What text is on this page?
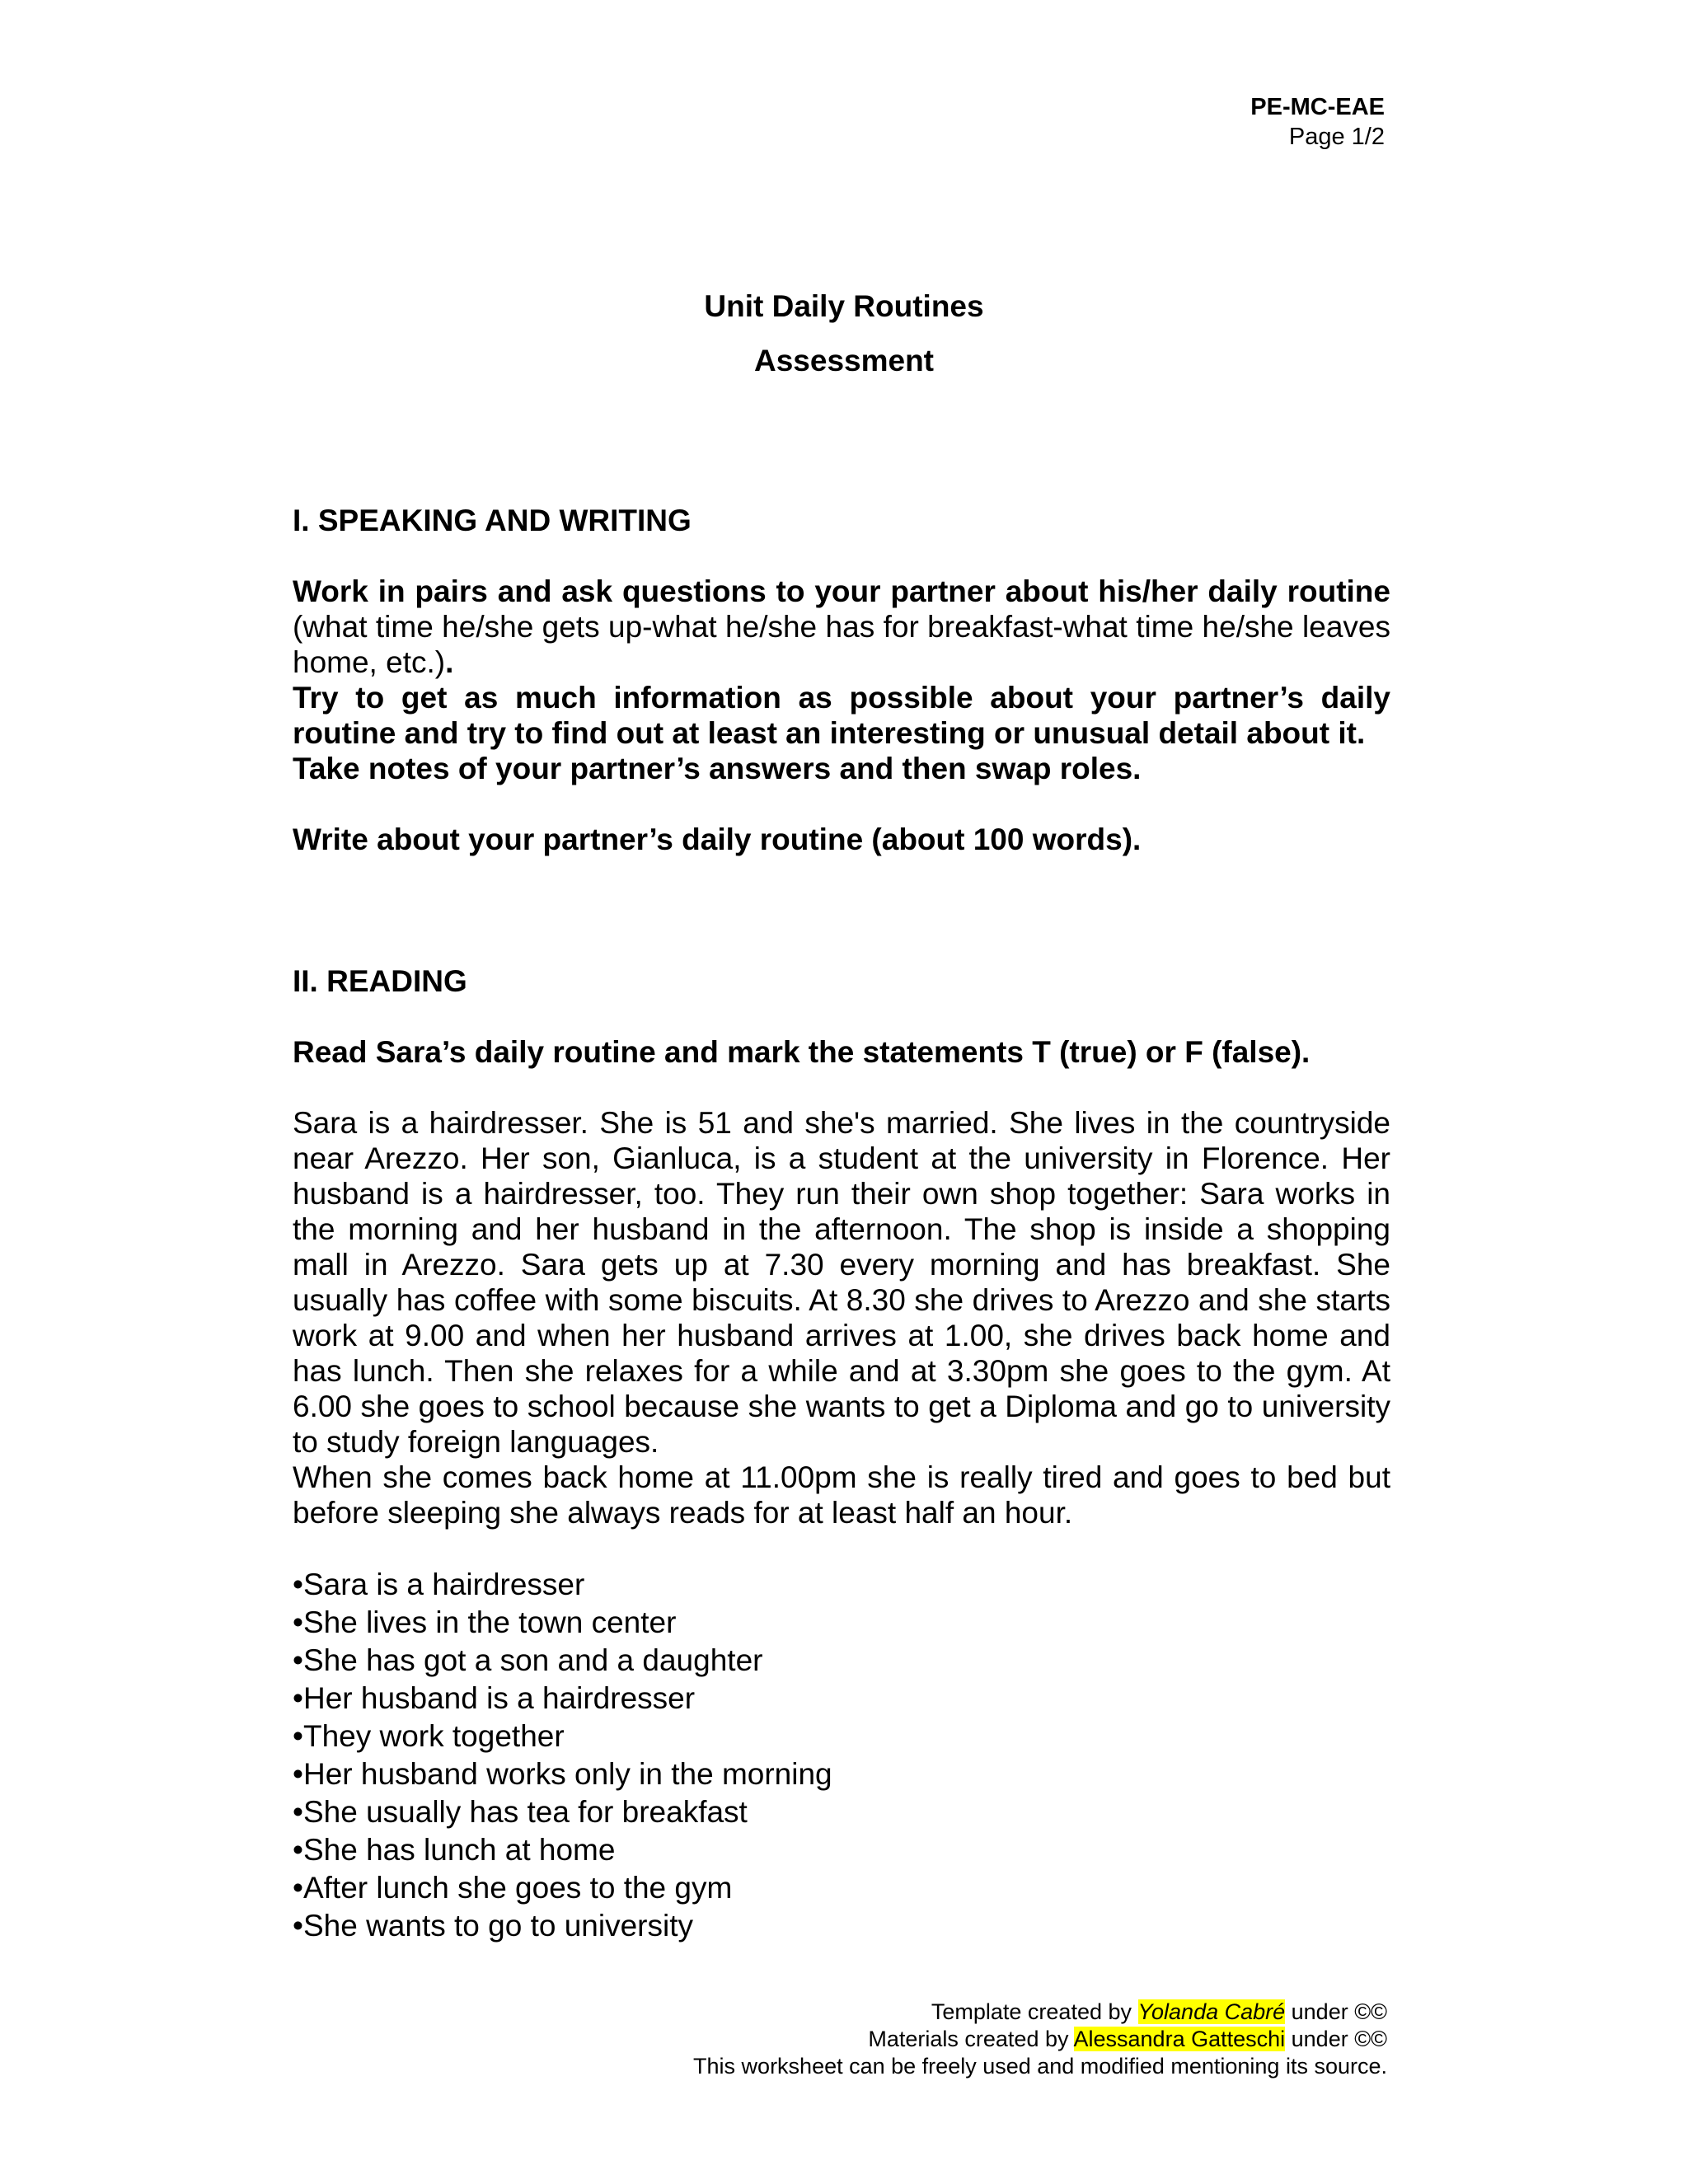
PE-MC-EAE
Page 1/2
Unit Daily Routines
Assessment

I. SPEAKING AND WRITING

Work in pairs and ask questions to your partner about his/her daily routine (what time he/she gets up-what he/she has for breakfast-what time he/she leaves home, etc.).

Try to get as much information as possible about your partner’s daily routine and try to find out at least an interesting or unusual detail about it.

Take notes of your partner’s answers and then swap roles.

Write about your partner’s daily routine (about 100 words).

II. READING

Read Sara’s daily routine and mark the statements T (true) or F (false).

Sara is a hairdresser. She is 51 and she's married. She lives in the countryside near Arezzo. Her son, Gianluca, is a student at the university in Florence. Her husband is a hairdresser, too. They run their own shop together: Sara works in the morning and her husband in the afternoon. The shop is inside a shopping mall in Arezzo. Sara gets up at 7.30 every morning and has breakfast. She usually has coffee with some biscuits. At 8.30 she drives to Arezzo and she starts work at 9.00 and when her husband arrives at 1.00, she drives back home and has lunch. Then she relaxes for a while and at 3.30pm she goes to the gym. At 6.00 she goes to school because she wants to get a Diploma and go to university to study foreign languages.

When she comes back home at 11.00pm she is really tired and goes to bed but before sleeping she always reads for at least half an hour.

•Sara is a hairdresser
•She lives in the town center
•She has got a son and a daughter
•Her husband is a hairdresser
•They work together
•Her husband works only in the morning
•She usually has tea for breakfast
•She has lunch at home
•After lunch she goes to the gym
•She wants to go to university
Template created by Yolanda Cabré under ©©
Materials created by Alessandra Gatteschi under ©©
This worksheet can be freely used and modified mentioning its source.
